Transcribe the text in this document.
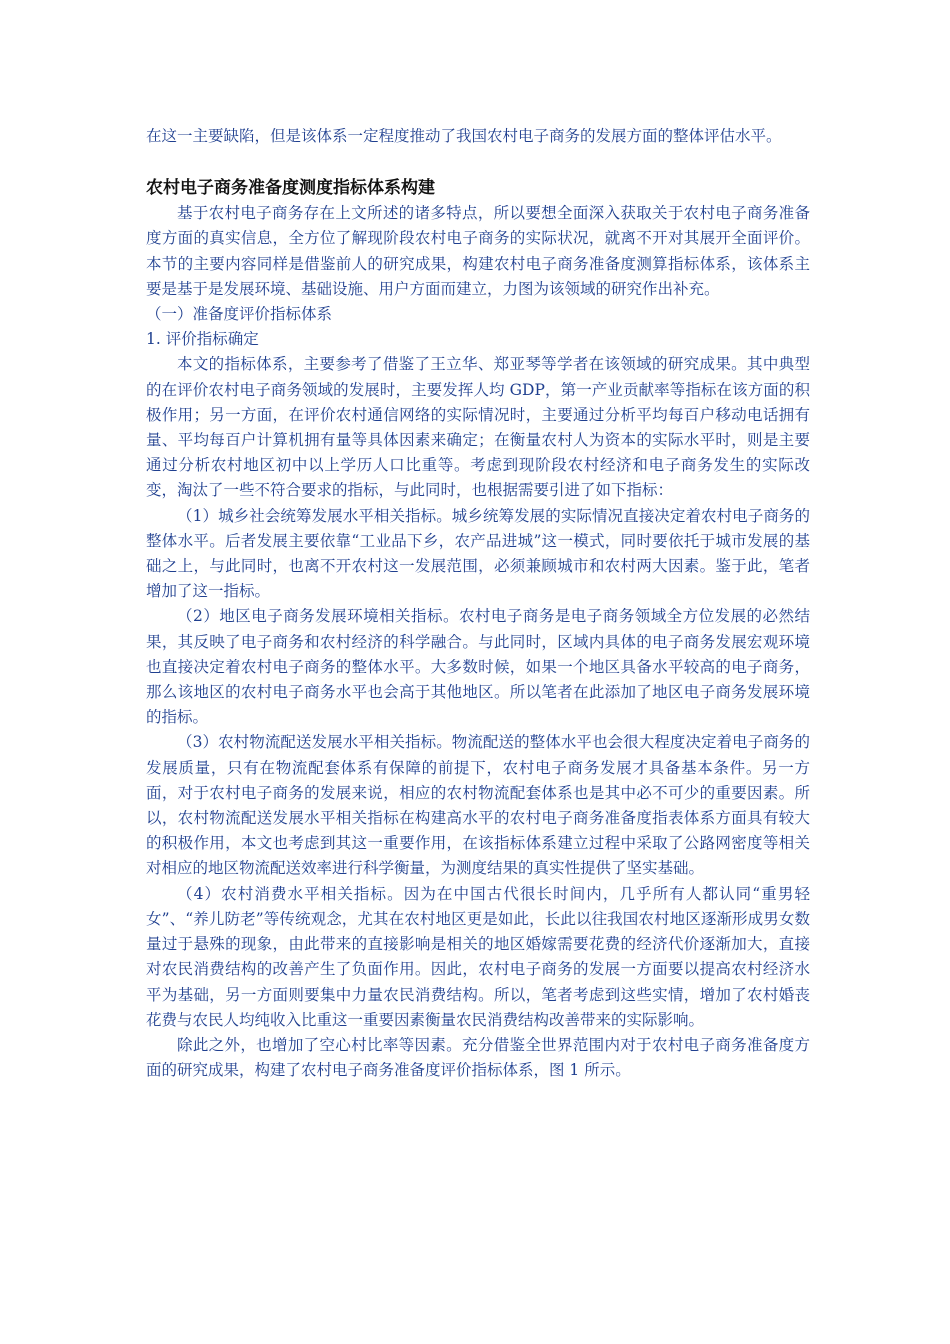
在这一主要缺陷，但是该体系一定程度推动了我国农村电子商务的发展方面的整体评估水平。

农村电子商务准备度测度指标体系构建

基于农村电子商务存在上文所述的诸多特点，所以要想全面深入获取关于农村电子商务准备度方面的真实信息，全方位了解现阶段农村电子商务的实际状况，就离不开对其展开全面评价。本节的主要内容同样是借鉴前人的研究成果，构建农村电子商务准备度测算指标体系，该体系主要是基于是发展环境、基础设施、用户方面而建立，力图为该领域的研究作出补充。

（一）准备度评价指标体系

1. 评价指标确定

本文的指标体系，主要参考了借鉴了王立华、郑亚琴等学者在该领域的研究成果。其中典型的在评价农村电子商务领域的发展时，主要发挥人均 GDP，第一产业贡献率等指标在该方面的积极作用；另一方面，在评价农村通信网络的实际情况时，主要通过分析平均每百户移动电话拥有量、平均每百户计算机拥有量等具体因素来确定；在衡量农村人为资本的实际水平时，则是主要通过分析农村地区初中以上学历人口比重等。考虑到现阶段农村经济和电子商务发生的实际改变，淘汰了一些不符合要求的指标，与此同时，也根据需要引进了如下指标：

（1）城乡社会统筹发展水平相关指标。城乡统筹发展的实际情况直接决定着农村电子商务的整体水平。后者发展主要依靠“工业品下乡，农产品进城”这一模式，同时要依托于城市发展的基础之上，与此同时，也离不开农村这一发展范围，必须兼顾城市和农村两大因素。鉴于此，笔者增加了这一指标。

（2）地区电子商务发展环境相关指标。农村电子商务是电子商务领域全方位发展的必然结果，其反映了电子商务和农村经济的科学融合。与此同时，区域内具体的电子商务发展宏观环境也直接决定着农村电子商务的整体水平。大多数时候，如果一个地区具备水平较高的电子商务，那么该地区的农村电子商务水平也会高于其他地区。所以笔者在此添加了地区电子商务发展环境的指标。

（3）农村物流配送发展水平相关指标。物流配送的整体水平也会很大程度决定着电子商务的发展质量，只有在物流配套体系有保障的前提下，农村电子商务发展才具备基本条件。另一方面，对于农村电子商务的发展来说，相应的农村物流配套体系也是其中必不可少的重要因素。所以，农村物流配送发展水平相关指标在构建高水平的农村电子商务准备度指表体系方面具有较大的积极作用，本文也考虑到其这一重要作用，在该指标体系建立过程中采取了公路网密度等相关对相应的地区物流配送效率进行科学衡量，为测度结果的真实性提供了坚实基础。

（4）农村消费水平相关指标。因为在中国古代很长时间内，几乎所有人都认同“重男轻女”、“养儿防老”等传统观念，尤其在农村地区更是如此，长此以往我国农村地区逐渐形成男女数量过于悬殊的现象，由此带来的直接影响是相关的地区婚嫁需要花费的经济代价逐渐加大，直接对农民消费结构的改善产生了负面作用。因此，农村电子商务的发展一方面要以提高农村经济水平为基础，另一方面则要集中力量农民消费结构。所以，笔者考虑到这些实情，增加了农村婚丧花费与农民人均纯收入比重这一重要因素衡量农民消费结构改善带来的实际影响。

除此之外，也增加了空心村比率等因素。充分借鉴全世界范围内对于农村电子商务准备度方面的研究成果，构建了农村电子商务准备度评价指标体系，图 1 所示。
